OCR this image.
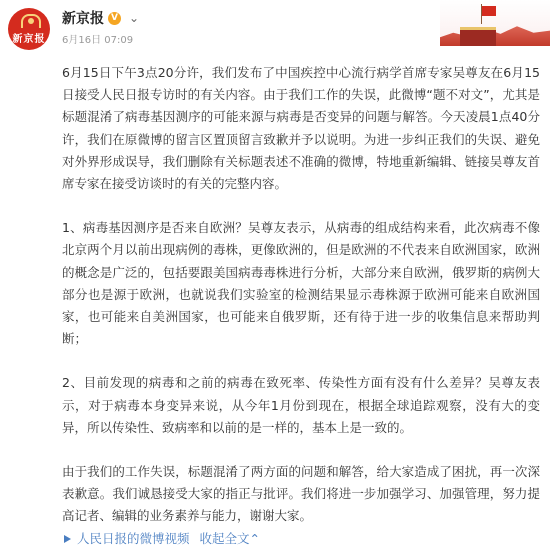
新京报
新京报 V ⌄
6月16日 07:09

6月15日下午3点20分许，我们发布了中国疾控中心流行病学首席专家吴尊友在6月15日接受人民日报专访时的有关内容。由于我们工作的失误，此微博“题不对文”，尤其是标题混淆了病毒基因测序的可能来源与病毒是否变异的问题与解答。今天凌晨1点40分许，我们在原微博的留言区置顶留言致歉并予以说明。为进一步纠正我们的失误、避免对外界形成误导，我们删除有关标题表述不准确的微博，特地重新编辑、链接吴尊友首席专家在接受访谈时的有关的完整内容。

1、病毒基因测序是否来自欧洲？吴尊友表示，从病毒的组成结构来看，此次病毒不像北京两个月以前出现病例的毒株，更像欧洲的，但是欧洲的不代表来自欧洲国家，欧洲的概念是广泛的，包括要跟美国病毒毒株进行分析，大部分来自欧洲，俄罗斯的病例大部分也是源于欧洲，也就说我们实验室的检测结果显示毒株源于欧洲可能来自欧洲国家，也可能来自美洲国家，也可能来自俄罗斯，还有待于进一步的收集信息来帮助判断；

2、目前发现的病毒和之前的病毒在致死率、传染性方面有没有什么差异？吴尊友表示，对于病毒本身变异来说，从今年1月份到现在，根据全球追踪观察，没有大的变异，所以传染性、致病率和以前的是一样的，基本上是一致的。

由于我们的工作失误，标题混淆了两方面的问题和解答，给大家造成了困扰，再一次深表歉意。我们诚恳接受大家的指正与批评。我们将进一步加强学习、加强管理，努力提高记者、编辑的业务素养与能力，谢谢大家。

人民日报的微博视频 收起全文 ⌃
